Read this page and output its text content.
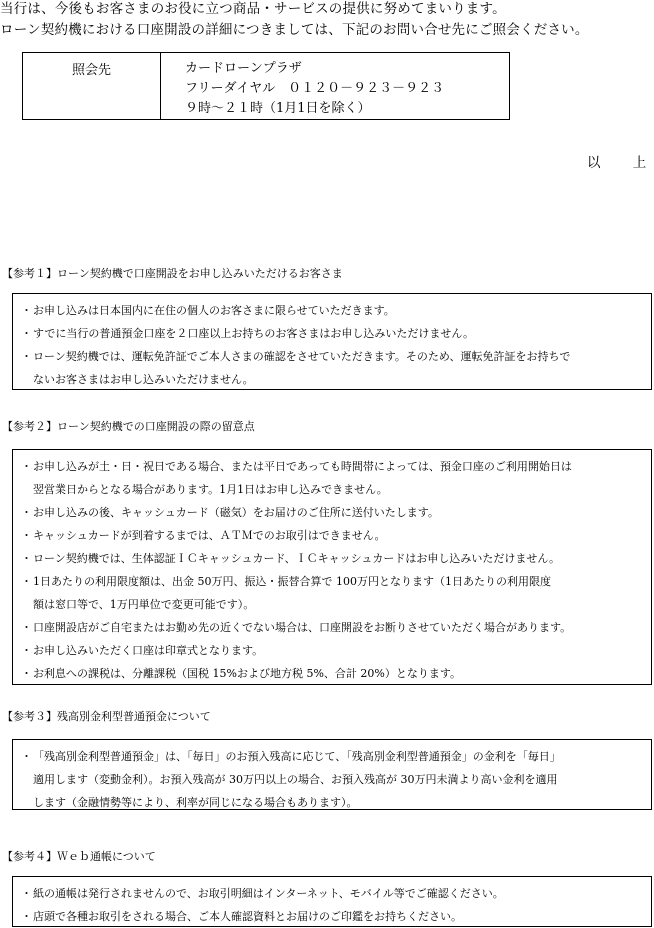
当行は、今後もお客さまのお役に立つ商品・サービスの提供に努めてまいります。
ローン契約機における口座開設の詳細につきましては、下記のお問い合せ先にご照会ください。
照会先	カードローンプラザ
フリーダイヤル　０１２０－９２３－９２３
９時～２１時（1月1日を除く）
以 上
【参考１】ローン契約機で口座開設をお申し込みいただけるお客さま
・ お申し込みは日本国内に在住の個人のお客さまに限らせていただきます。
・ すでに当行の普通預金口座を２口座以上お持ちのお客さまはお申し込みいただけません。
・ ローン契約機では、運転免許証でご本人さまの確認をさせていただきます。そのため、運転免許証をお持ちで
ないお客さまはお申し込みいただけません。
【参考２】ローン契約機での口座開設の際の留意点
・ お申し込みが土・日・祝日である場合、または平日であっても時間帯によっては、預金口座のご利用開始日は
翌営業日からとなる場合があります。1月1日はお申し込みできません。
・ お申し込みの後、キャッシュカード（磁気）をお届けのご住所に送付いたします。
・ キャッシュカードが到着するまでは、ＡＴＭでのお取引はできません。
・ ローン契約機では、生体認証ＩＣキャッシュカード、ＩＣキャッシュカードはお申し込みいただけません。
・ 1日あたりの利用限度額は、出金 50万円、振込・振替合算で 100万円となります（1日あたりの利用限度
額は窓口等で、1万円単位で変更可能です）。
・ 口座開設店がご自宅またはお勤め先の近くでない場合は、口座開設をお断りさせていただく場合があります。
・ お申し込みいただく口座は印章式となります。
・ お利息への課税は、分離課税（国税 15%および地方税 5%、合計 20%）となります。
【参考３】残高別金利型普通預金について
・ 「残高別金利型普通預金」は、「毎日」のお預入残高に応じて、「残高別金利型普通預金」の金利を「毎日」
適用します（変動金利）。お預入残高が 30万円以上の場合、お預入残高が 30万円未満より高い金利を適用
します（金融情勢等により、利率が同じになる場合もあります）。
【参考４】Ｗｅｂ通帳について
・ 紙の通帳は発行されませんので、お取引明細はインターネット、モバイル等でご確認ください。
・ 店頭で各種お取引をされる場合、ご本人確認資料とお届けのご印鑑をお持ちください。
